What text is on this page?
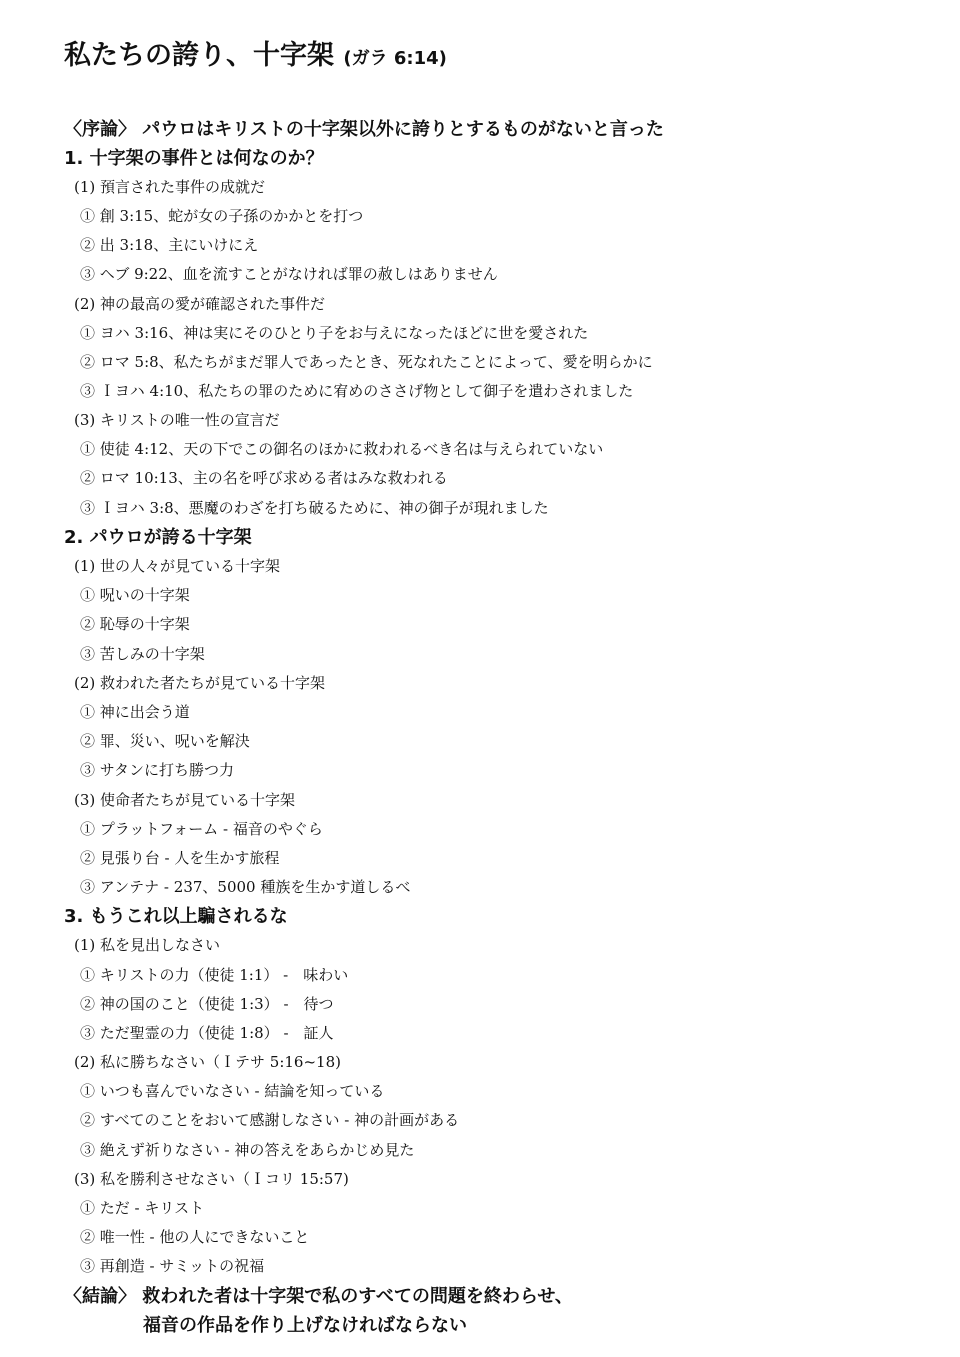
私たちの誇り、十字架 (ガラ 6:14)
〈序論〉 パウロはキリストの十字架以外に誇りとするものがないと言った
1. 十字架の事件とは何なのか？
(1) 預言された事件の成就だ
① 創 3:15、蛇が女の子孫のかかとを打つ
② 出 3:18、主にいけにえ
③ ヘブ 9:22、血を流すことがなければ罪の赦しはありません
(2) 神の最高の愛が確認された事件だ
① ヨハ 3:16、神は実にそのひとり子をお与えになったほどに世を愛された
② ロマ 5:8、私たちがまだ罪人であったとき、死なれたことによって、愛を明らかに
③ Ｉヨハ 4:10、私たちの罪のために宥めのささげ物として御子を遣わされました
(3) キリストの唯一性の宣言だ
① 使徒 4:12、天の下でこの御名のほかに救われるべき名は与えられていない
② ロマ 10:13、主の名を呼び求める者はみな救われる
③ Ｉヨハ 3:8、悪魔のわざを打ち破るために、神の御子が現れました
2. パウロが誇る十字架
(1) 世の人々が見ている十字架
① 呪いの十字架
② 恥辱の十字架
③ 苦しみの十字架
(2) 救われた者たちが見ている十字架
① 神に出会う道
② 罪、災い、呪いを解決
③ サタンに打ち勝つ力
(3) 使命者たちが見ている十字架
① プラットフォーム - 福音のやぐら
② 見張り台 - 人を生かす旅程
③ アンテナ - 237、5000 種族を生かす道しるべ
3. もうこれ以上騙されるな
(1) 私を見出しなさい
① キリストの力（使徒 1:1） -　味わい
② 神の国のこと（使徒 1:3） -　待つ
③ ただ聖霊の力（使徒 1:8） -　証人
(2) 私に勝ちなさい（Ｉテサ 5:16~18)
① いつも喜んでいなさい - 結論を知っている
② すべてのことをおいて感謝しなさい - 神の計画がある
③ 絶えず祈りなさい - 神の答えをあらかじめ見た
(3) 私を勝利させなさい（Ｉコリ 15:57)
① ただ - キリスト
② 唯一性 - 他の人にできないこと
③ 再創造 - サミットの祝福
〈結論〉 救われた者は十字架で私のすべての問題を終わらせ、
福音の作品を作り上げなければならない
